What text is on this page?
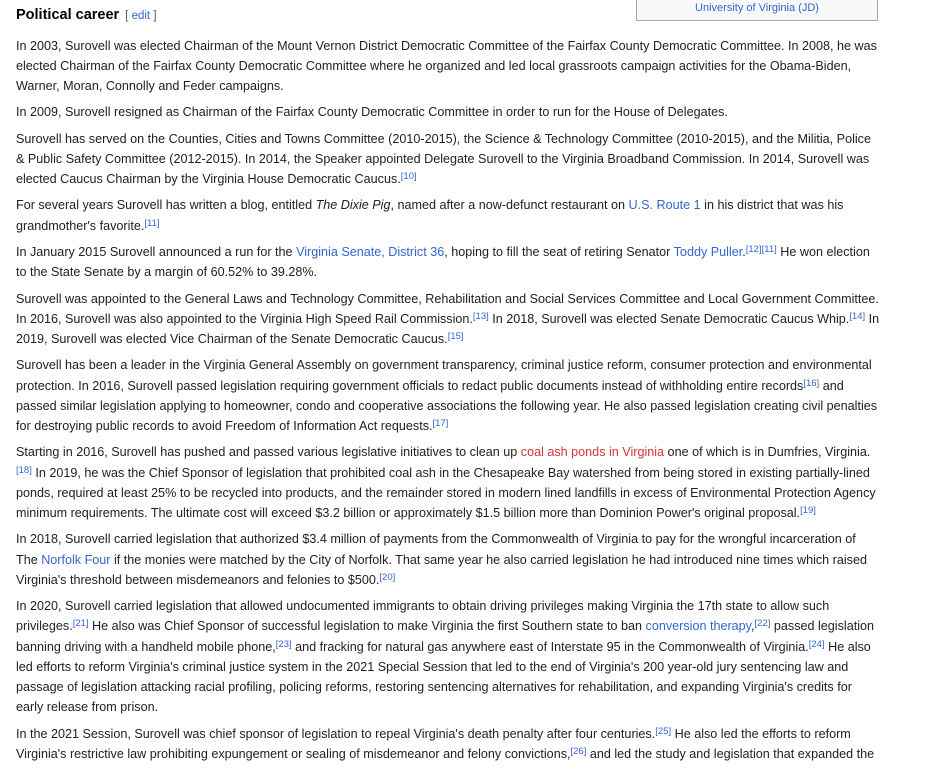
University of Virginia (JD)
Political career [ edit ]

In 2003, Surovell was elected Chairman of the Mount Vernon District Democratic Committee of the Fairfax County Democratic Committee. In 2008, he was elected Chairman of the Fairfax County Democratic Committee where he organized and led local grassroots campaign activities for the Obama-Biden, Warner, Moran, Connolly and Feder campaigns.

In 2009, Surovell resigned as Chairman of the Fairfax County Democratic Committee in order to run for the House of Delegates.

Surovell has served on the Counties, Cities and Towns Committee (2010-2015), the Science & Technology Committee (2010-2015), and the Militia, Police & Public Safety Committee (2012-2015). In 2014, the Speaker appointed Delegate Surovell to the Virginia Broadband Commission. In 2014, Surovell was elected Caucus Chairman by the Virginia House Democratic Caucus.[10]

For several years Surovell has written a blog, entitled The Dixie Pig, named after a now-defunct restaurant on U.S. Route 1 in his district that was his grandmother's favorite.[11]

In January 2015 Surovell announced a run for the Virginia Senate, District 36, hoping to fill the seat of retiring Senator Toddy Puller.[12][11] He won election to the State Senate by a margin of 60.52% to 39.28%.

Surovell was appointed to the General Laws and Technology Committee, Rehabilitation and Social Services Committee and Local Government Committee. In 2016, Surovell was also appointed to the Virginia High Speed Rail Commission.[13] In 2018, Surovell was elected Senate Democratic Caucus Whip.[14] In 2019, Surovell was elected Vice Chairman of the Senate Democratic Caucus.[15]

Surovell has been a leader in the Virginia General Assembly on government transparency, criminal justice reform, consumer protection and environmental protection. In 2016, Surovell passed legislation requiring government officials to redact public documents instead of withholding entire records[16] and passed similar legislation applying to homeowner, condo and cooperative associations the following year. He also passed legislation creating civil penalties for destroying public records to avoid Freedom of Information Act requests.[17]

Starting in 2016, Surovell has pushed and passed various legislative initiatives to clean up coal ash ponds in Virginia one of which is in Dumfries, Virginia.[18] In 2019, he was the Chief Sponsor of legislation that prohibited coal ash in the Chesapeake Bay watershed from being stored in existing partially-lined ponds, required at least 25% to be recycled into products, and the remainder stored in modern lined landfills in excess of Environmental Protection Agency minimum requirements. The ultimate cost will exceed $3.2 billion or approximately $1.5 billion more than Dominion Power's original proposal.[19]

In 2018, Surovell carried legislation that authorized $3.4 million of payments from the Commonwealth of Virginia to pay for the wrongful incarceration of The Norfolk Four if the monies were matched by the City of Norfolk. That same year he also carried legislation he had introduced nine times which raised Virginia's threshold between misdemeanors and felonies to $500.[20]

In 2020, Surovell carried legislation that allowed undocumented immigrants to obtain driving privileges making Virginia the 17th state to allow such privileges.[21] He also was Chief Sponsor of successful legislation to make Virginia the first Southern state to ban conversion therapy,[22] passed legislation banning driving with a handheld mobile phone,[23] and fracking for natural gas anywhere east of Interstate 95 in the Commonwealth of Virginia.[24] He also led efforts to reform Virginia's criminal justice system in the 2021 Special Session that led to the end of Virginia's 200 year-old jury sentencing law and passage of legislation attacking racial profiling, policing reforms, restoring sentencing alternatives for rehabilitation, and expanding Virginia's credits for early release from prison.

In the 2021 Session, Surovell was chief sponsor of legislation to repeal Virginia's death penalty after four centuries.[25] He also led the efforts to reform Virginia's restrictive law prohibiting expungement or sealing of misdemeanor and felony convictions,[26] and led the study and legislation that expanded the
